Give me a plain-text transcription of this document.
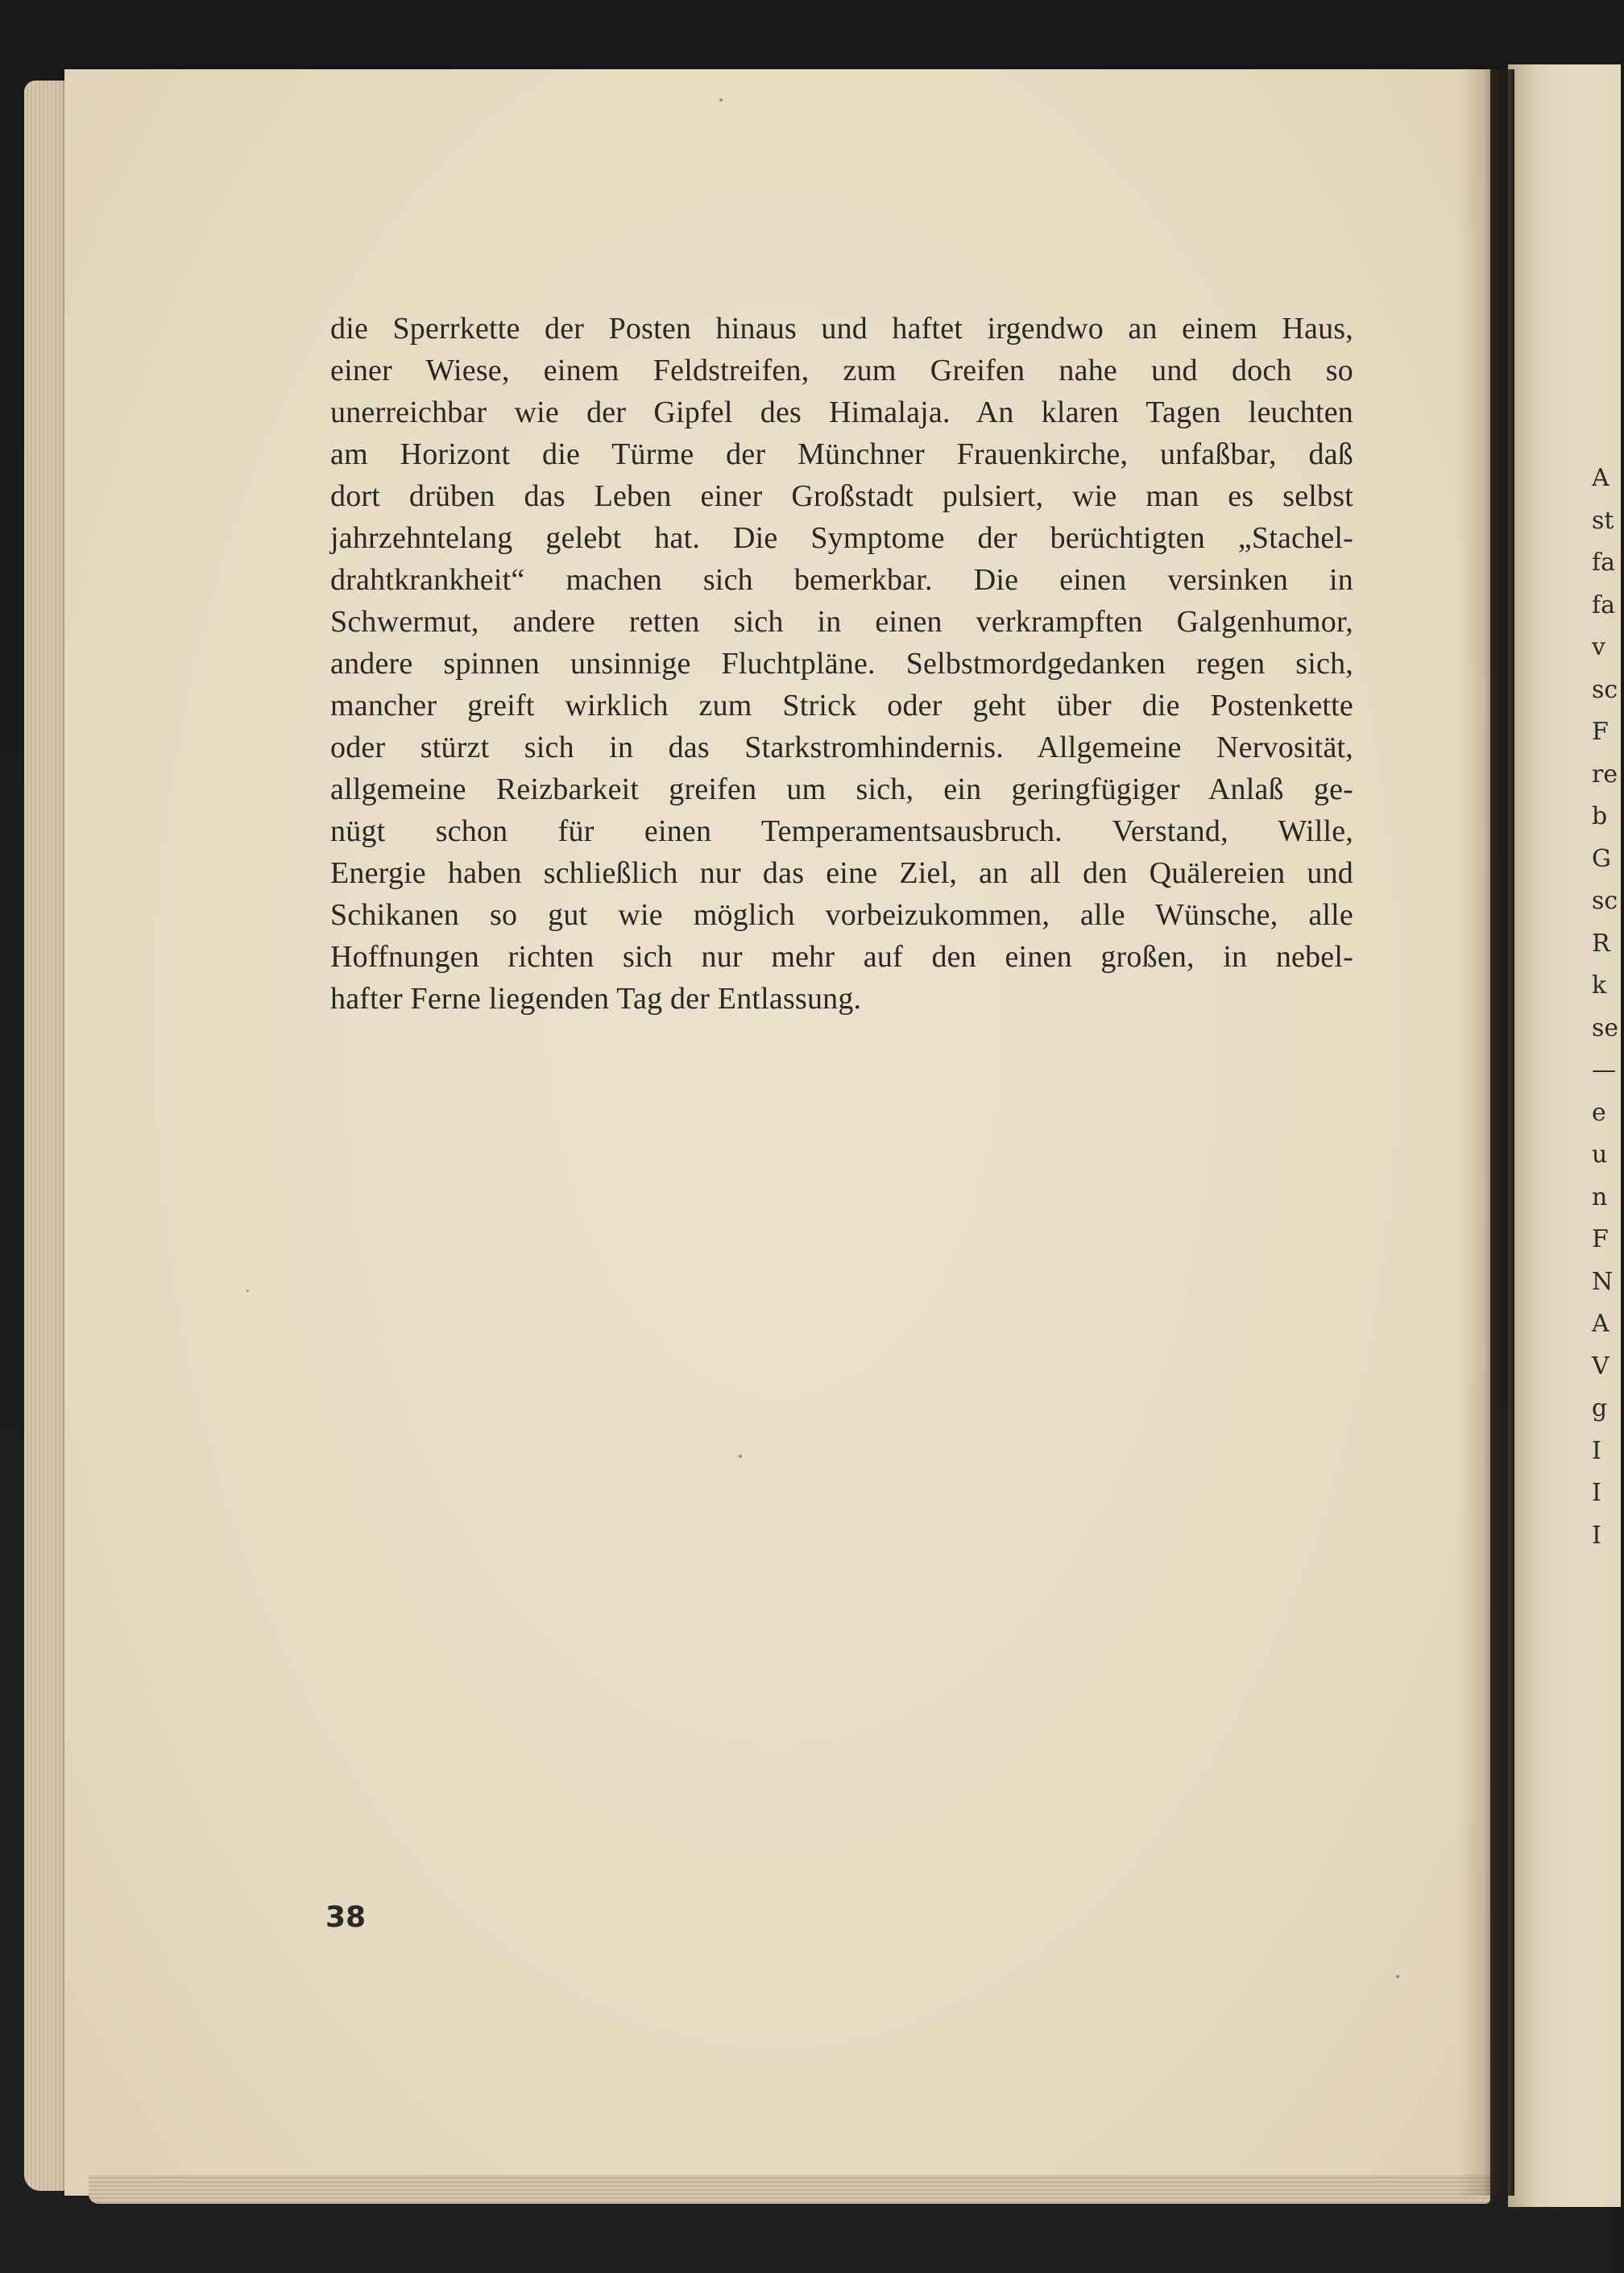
A
st
fa
fa
v
sc
F
re
b
G
sc
R
k
se
—
e
u
n
F
N
A
V
g
I
I
I
die Sperrkette der Posten hinaus und haftet irgendwo an einem Haus,
einer Wiese, einem Feldstreifen, zum Greifen nahe und doch so
unerreichbar wie der Gipfel des Himalaja. An klaren Tagen leuchten
am Horizont die Türme der Münchner Frauenkirche, unfaßbar, daß
dort drüben das Leben einer Großstadt pulsiert, wie man es selbst
jahrzehntelang gelebt hat. Die Symptome der berüchtigten „Stachel-
drahtkrankheit“ machen sich bemerkbar. Die einen versinken in
Schwermut, andere retten sich in einen verkrampften Galgenhumor,
andere spinnen unsinnige Fluchtpläne. Selbstmordgedanken regen sich,
mancher greift wirklich zum Strick oder geht über die Postenkette
oder stürzt sich in das Starkstromhindernis. Allgemeine Nervosität,
allgemeine Reizbarkeit greifen um sich, ein geringfügiger Anlaß ge-
nügt schon für einen Temperamentsausbruch. Verstand, Wille,
Energie haben schließlich nur das eine Ziel, an all den Quälereien und
Schikanen so gut wie möglich vorbeizukommen, alle Wünsche, alle
Hoffnungen richten sich nur mehr auf den einen großen, in nebel-
hafter Ferne liegenden Tag der Entlassung.
38
